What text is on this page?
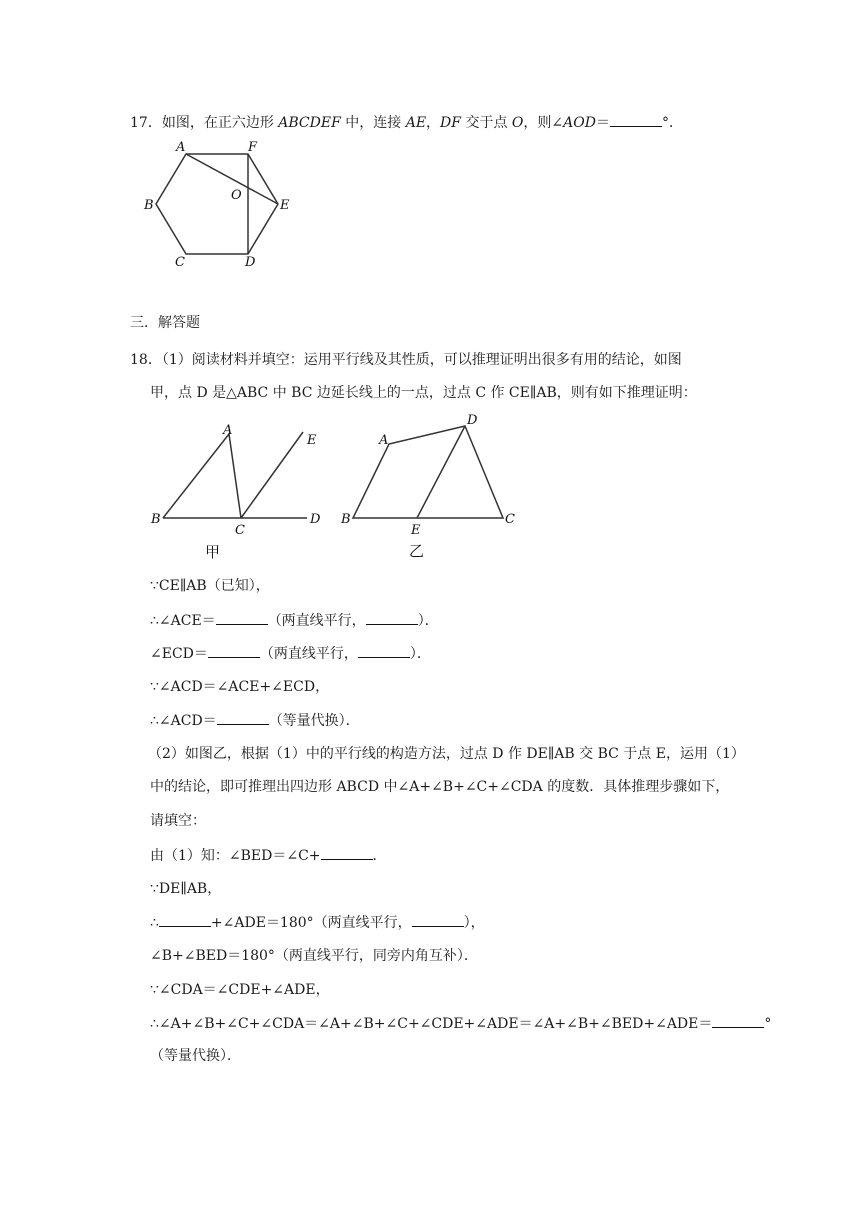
17．如图，在正六边形 ABCDEF 中，连接 AE，DF 交于点 O，则∠AOD＝	°．
A	F
O
B	E
C	D
三．解答题
18．（1）阅读材料并填空：运用平行线及其性质，可以推理证明出很多有用的结论，如图
甲，点 D 是△ABC 中 BC 边延长线上的一点，过点 C 作 CE∥AB，则有如下推理证明：
A
B
C
D
E
甲
A
D
B
E
C
乙
∵CE∥AB（已知），
∴∠ACE＝	（两直线平行，	）．
∠ECD＝	（两直线平行，	）．
∵∠ACD＝∠ACE+∠ECD，
∴∠ACD＝	（等量代换）．
（2）如图乙，根据（1）中的平行线的构造方法，过点 D 作 DE∥AB 交 BC 于点 E，运用（1）
中的结论，即可推理出四边形 ABCD 中∠A+∠B+∠C+∠CDA 的度数．具体推理步骤如下，
请填空：
由（1）知：∠BED＝∠C+	．
∵DE∥AB，
∴	+∠ADE＝180°（两直线平行，	），
∠B+∠BED＝180°（两直线平行，同旁内角互补）．
∵∠CDA＝∠CDE+∠ADE，
∴∠A+∠B+∠C+∠CDA＝∠A+∠B+∠C+∠CDE+∠ADE＝∠A+∠B+∠BED+∠ADE＝	°
（等量代换）．
